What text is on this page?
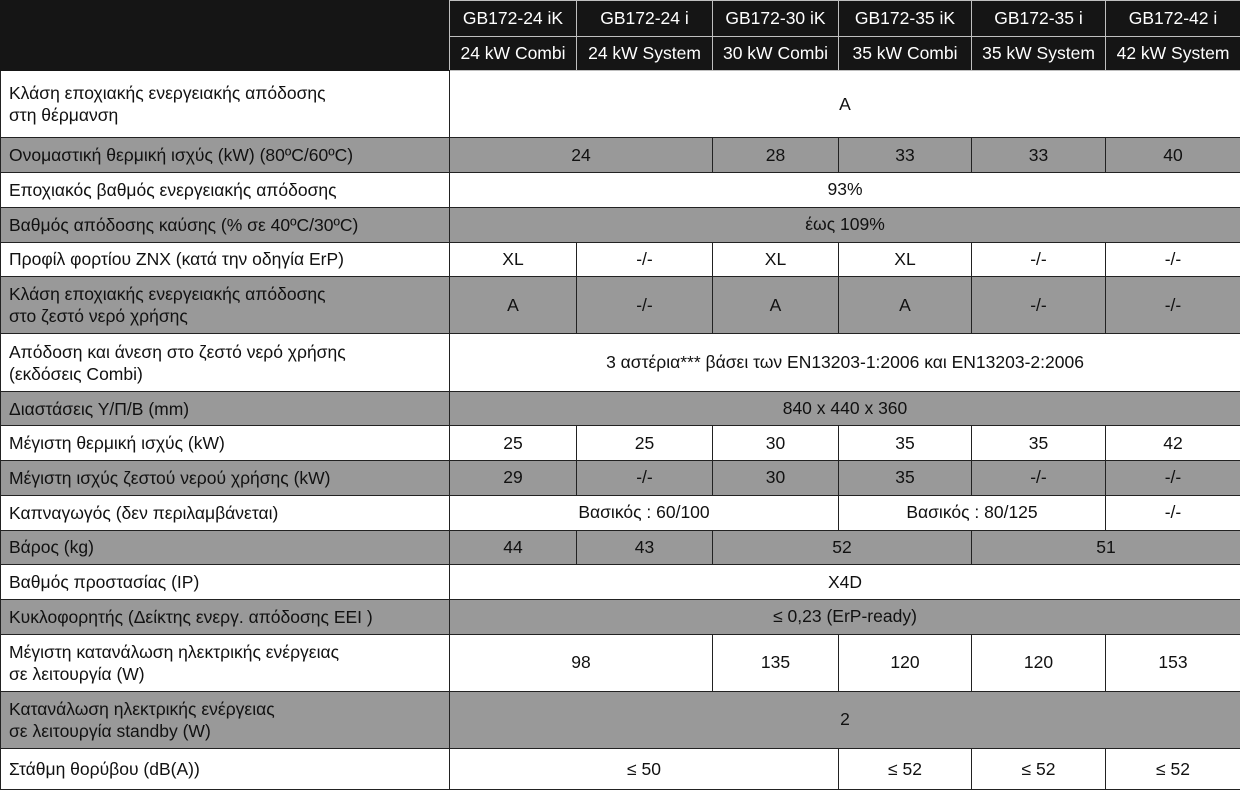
	GB172-24 iK	GB172-24 i	GB172-30 iK	GB172-35 iK	GB172-35 i	GB172-42 i
	24 kW Combi	24 kW System	30 kW Combi	35 kW Combi	35 kW System	42 kW System
Κλάση εποχιακής ενεργειακής απόδοσης
στη θέρμανση	A					
Ονομαστική θερμική ισχύς (kW) (80ºC/60ºC)	24		28	33	33	40
Εποχιακός βαθμός ενεργειακής απόδοσης	93%					
Βαθμός απόδοσης καύσης (% σε 40ºC/30ºC)	έως 109%					
Προφίλ φορτίου ZNX (κατά την οδηγία ErP)	XL	-/-	XL	XL	-/-	-/-
Κλάση εποχιακής ενεργειακής απόδοσης
στο ζεστό νερό χρήσης	A	-/-	A	A	-/-	-/-
Απόδοση και άνεση στο ζεστό νερό χρήσης
(εκδόσεις Combi)	3 αστέρια*** βάσει των EN13203-1:2006 και EN13203-2:2006					
Διαστάσεις Υ/Π/Β (mm)	840 x 440 x 360					
Μέγιστη θερμική ισχύς (kW)	25	25	30	35	35	42
Μέγιστη ισχύς ζεστού νερού χρήσης (kW)	29	-/-	30	35	-/-	-/-
Καπναγωγός (δεν περιλαμβάνεται)	Βασικός : 60/100			Βασικός : 80/125		-/-
Βάρος (kg)	44	43	52		51	
Βαθμός προστασίας (IP)	X4D					
Κυκλοφορητής (Δείκτης ενεργ. απόδοσης EEI )	≤ 0,23 (ErP-ready)					
Μέγιστη κατανάλωση ηλεκτρικής ενέργειας
σε λειτουργία (W)	98		135	120	120	153
Κατανάλωση ηλεκτρικής ενέργειας
σε λειτουργία standby (W)	2					
Στάθμη θορύβου (dB(A))	≤ 50			≤ 52	≤ 52	≤ 52
